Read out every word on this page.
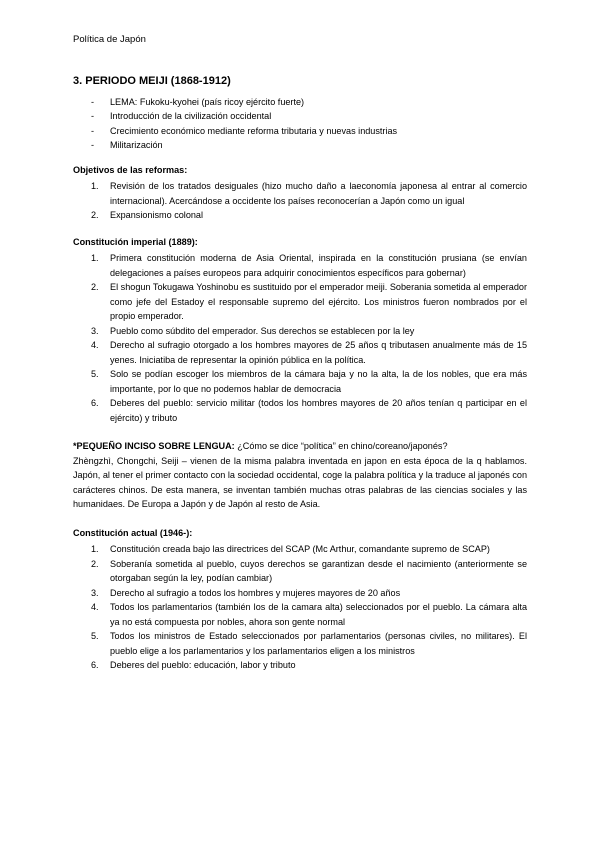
Política de Japón
3. PERIODO MEIJI (1868-1912)
- LEMA: Fukoku-kyohei (país ricoy ejército fuerte)
- Introducción de la civilización occidental
- Crecimiento económico mediante reforma tributaria y nuevas industrias
- Militarización
Objetivos de las reformas:
1. Revisión de los tratados desiguales (hizo mucho daño a laeconomía japonesa al entrar al comercio internacional). Acercándose a occidente los países reconocerían a Japón como un igual
2. Expansionismo colonal
Constitución imperial (1889):
1. Primera constitución moderna de Asia Oriental, inspirada en la constitución prusiana (se envían delegaciones a países europeos para adquirir conocimientos específicos para gobernar)
2. El shogun Tokugawa Yoshinobu es sustituido por el emperador meiji. Soberania sometida al emperador como jefe del Estadoy el responsable supremo del ejército. Los ministros fueron nombrados por el propio emperador.
3. Pueblo como súbdito del emperador. Sus derechos se establecen por la ley
4. Derecho al sufragio otorgado a los hombres mayores de 25 años q tributasen anualmente más de 15 yenes. Iniciatiba de representar la opinión pública en la política.
5. Solo se podían escoger los miembros de la cámara baja y no la alta, la de los nobles, que era más importante, por lo que no podemos hablar de democracia
6. Deberes del pueblo: servicio militar (todos los hombres mayores de 20 años tenían q participar en el ejército) y tributo
*PEQUEÑO INCISO SOBRE LENGUA: ¿Cómo se dice “política” en chino/coreano/japonés?
Zhèngzhì, Chongchi, Seiji – vienen de la misma palabra inventada en japon en esta época de la q hablamos. Japón, al tener el primer contacto con la sociedad occidental, coge la palabra política y la traduce al japonés con carácteres chinos. De esta manera, se inventan también muchas otras palabras de las ciencias sociales y las humanidaes. De Europa a Japón y de Japón al resto de Asia.
Constitución actual (1946-):
1. Constitución creada bajo las directrices del SCAP (Mc Arthur, comandante supremo de SCAP)
2. Soberanía sometida al pueblo, cuyos derechos se garantizan desde el nacimiento (anteriormente se otorgaban según la ley, podían cambiar)
3. Derecho al sufragio a todos los hombres y mujeres mayores de 20 años
4. Todos los parlamentarios (también los de la camara alta) seleccionados por el pueblo. La cámara alta ya no está compuesta por nobles, ahora son gente normal
5. Todos los ministros de Estado seleccionados por parlamentarios (personas civiles, no militares). El pueblo elige a los parlamentarios y los parlamentarios eligen a los ministros
6. Deberes del pueblo: educación, labor y tributo
